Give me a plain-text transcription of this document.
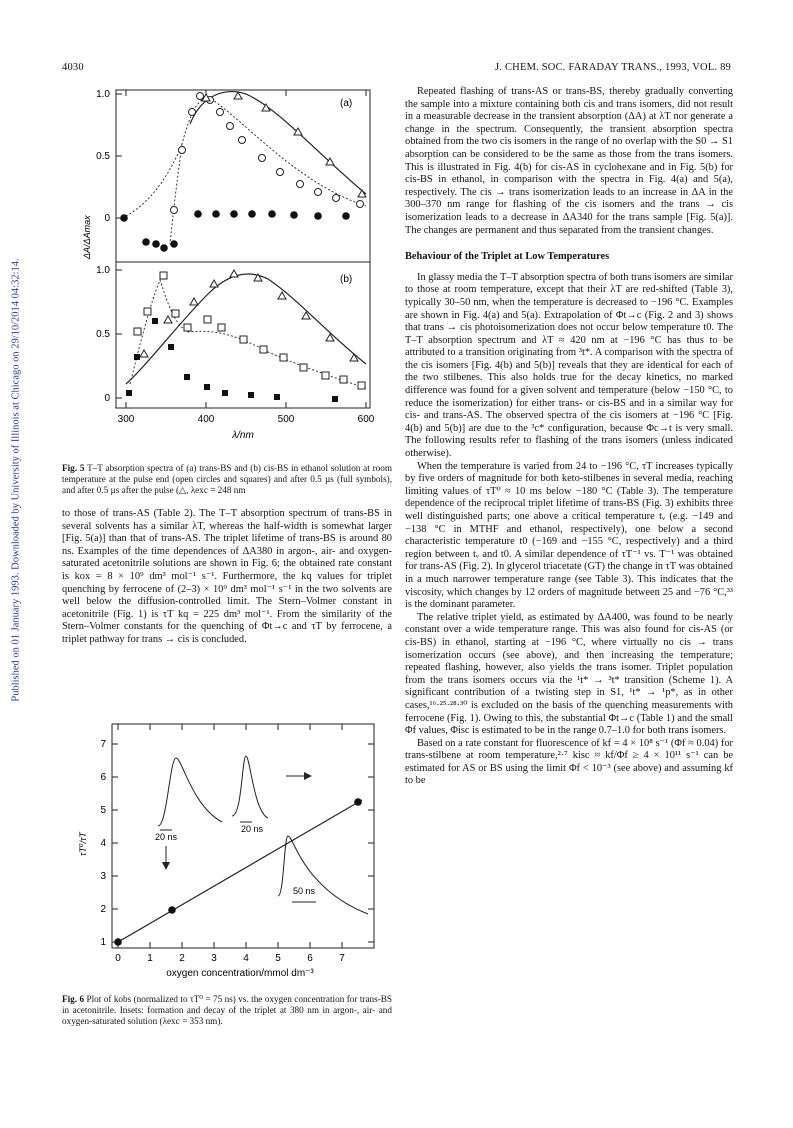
4030	J. CHEM. SOC. FARADAY TRANS., 1993, VOL. 89
Published on 01 January 1993. Downloaded by University of Illinois at Chicago on 29/10/2014 04:32:14.
1.0
0.5
0
1.0
0.5
0
300	400	500	600
λ/nm
ΔA/ΔAmax
(a)
(b)
Fig. 5 T–T absorption spectra of (a) trans-BS and (b) cis-BS in ethanol solution at room temperature at the pulse end (open circles and squares) and after 0.5 µs (full symbols), and after 0.5 µs after the pulse (△, λexc = 248 nm

to those of trans-AS (Table 2). The T–T absorption spectrum of trans-BS in several solvents has a similar λT, whereas the half-width is somewhat larger [Fig. 5(a)] than that of trans-AS. The triplet lifetime of trans-BS is around 80 ns. Examples of the time dependences of ΔA380 in argon-, air- and oxygen-saturated acetonitrile solutions are shown in Fig. 6; the obtained rate constant is kox = 8 × 10⁹ dm³ mol⁻¹ s⁻¹. Furthermore, the kq values for triplet quenching by ferrocene of (2–3) × 10⁹ dm³ mol⁻¹ s⁻¹ in the two solvents are well below the diffusion-controlled limit. The Stern–Volmer constant in acetonitrile (Fig. 1) is τT kq = 225 dm³ mol⁻¹. From the similarity of the Stern–Volmer constants for the quenching of Φt→c and τT by ferrocene, a triplet pathway for trans → cis is concluded.

1
2
3
4
5
6
7
0	1	2	3	4	5	6	7
oxygen concentration/mmol dm⁻³
τT⁰/τT	20 ns
20 ns
50 ns
Fig. 6 Plot of kobs (normalized to τT⁰ = 75 ns) vs. the oxygen concentration for trans-BS in acetonitrile. Insets: formation and decay of the triplet at 380 nm in argon-, air- and oxygen-saturated solution (λexc = 353 nm).

Repeated flashing of trans-AS or trans-BS, thereby gradually converting the sample into a mixture containing both cis and trans isomers, did not result in a measurable decrease in the transient absorption (ΔA) at λT nor generate a change in the spectrum. Consequently, the transient absorption spectra obtained from the two cis isomers in the range of no overlap with the S0 → S1 absorption can be considered to be the same as those from the trans isomers. This is illustrated in Fig. 4(b) for cis-AS in cyclohexane and in Fig. 5(b) for cis-BS in ethanol, in comparison with the spectra in Fig. 4(a) and 5(a), respectively. The cis → trans isomerization leads to an increase in ΔA in the 300–370 nm range for flashing of the cis isomers and the trans → cis isomerization leads to a decrease in ΔA340 for the trans sample [Fig. 5(a)]. The changes are permanent and thus separated from the transient changes.

Behaviour of the Triplet at Low Temperatures

In glassy media the T–T absorption spectra of both trans isomers are similar to those at room temperature, except that their λT are red-shifted (Table 3), typically 30–50 nm, when the temperature is decreased to −196 °C. Examples are shown in Fig. 4(a) and 5(a). Extrapolation of Φt→c (Fig. 2 and 3) shows that trans → cis photoisomerization does not occur below temperature t0. The T–T absorption spectrum and λT ≈ 420 nm at −196 °C has thus to be attributed to a transition originating from ³t*. A comparison with the spectra of the cis isomers [Fig. 4(b) and 5(b)] reveals that they are identical for each of the two stilbenes. This also holds true for the decay kinetics, no marked difference was found for a given solvent and temperature (below −150 °C, to reduce the isomerization) for either trans- or cis-BS and in a similar way for cis- and trans-AS. The observed spectra of the cis isomers at −196 °C [Fig. 4(b) and 5(b)] are due to the ³c* configuration, because Φc→t is very small. The following results refer to flashing of the trans isomers (unless indicated otherwise).

When the temperature is varied from 24 to −196 °C, τT increases typically by five orders of magnitude for both keto-stilbenes in several media, reaching limiting values of τT⁰ ≈ 10 ms below −180 °C (Table 3). The temperature dependence of the reciprocal triplet lifetime of trans-BS (Fig. 3) exhibits three well distinguished parts; one above a critical temperature tᵥ (e.g. −149 and −138 °C in MTHF and ethanol, respectively), one below a second characteristic temperature t0 (−169 and −155 °C, respectively) and a third region between tᵥ and t0. A similar dependence of τT⁻¹ vs. T⁻¹ was obtained for trans-AS (Fig. 2). In glycerol triacetate (GT) the change in τT was obtained in a much narrower temperature range (see Table 3). This indicates that the viscosity, which changes by 12 orders of magnitude between 25 and −76 °C,³³ is the dominant parameter.

The relative triplet yield, as estimated by ΔA400, was found to be nearly constant over a wide temperature range. This was also found for cis-AS (or cis-BS) in ethanol, starting at −196 °C, where virtually no cis → trans isomerization occurs (see above), and then increasing the temperature; repeated flashing, however, also yields the trans isomer. Triplet population from the trans isomers occurs via the ¹t* → ³t* transition (Scheme 1). A significant contribution of a twisting step in S1, ¹t* → ¹p*, as in other cases,¹⁶·²⁵·²⁸·³⁰ is excluded on the basis of the quenching measurements with ferrocene (Fig. 1). Owing to this, the substantial Φt→c (Table 1) and the small Φf values, Φisc is estimated to be in the range 0.7–1.0 for both trans isomers.

Based on a rate constant for fluorescence of kf = 4 × 10⁸ s⁻¹ (Φf ≈ 0.04) for trans-stilbene at room temperature,²·⁷ kisc ≈ kf/Φf ≥ 4 × 10¹¹ s⁻¹ can be estimated for AS or BS using the limit Φf < 10⁻³ (see above) and assuming kf to be
